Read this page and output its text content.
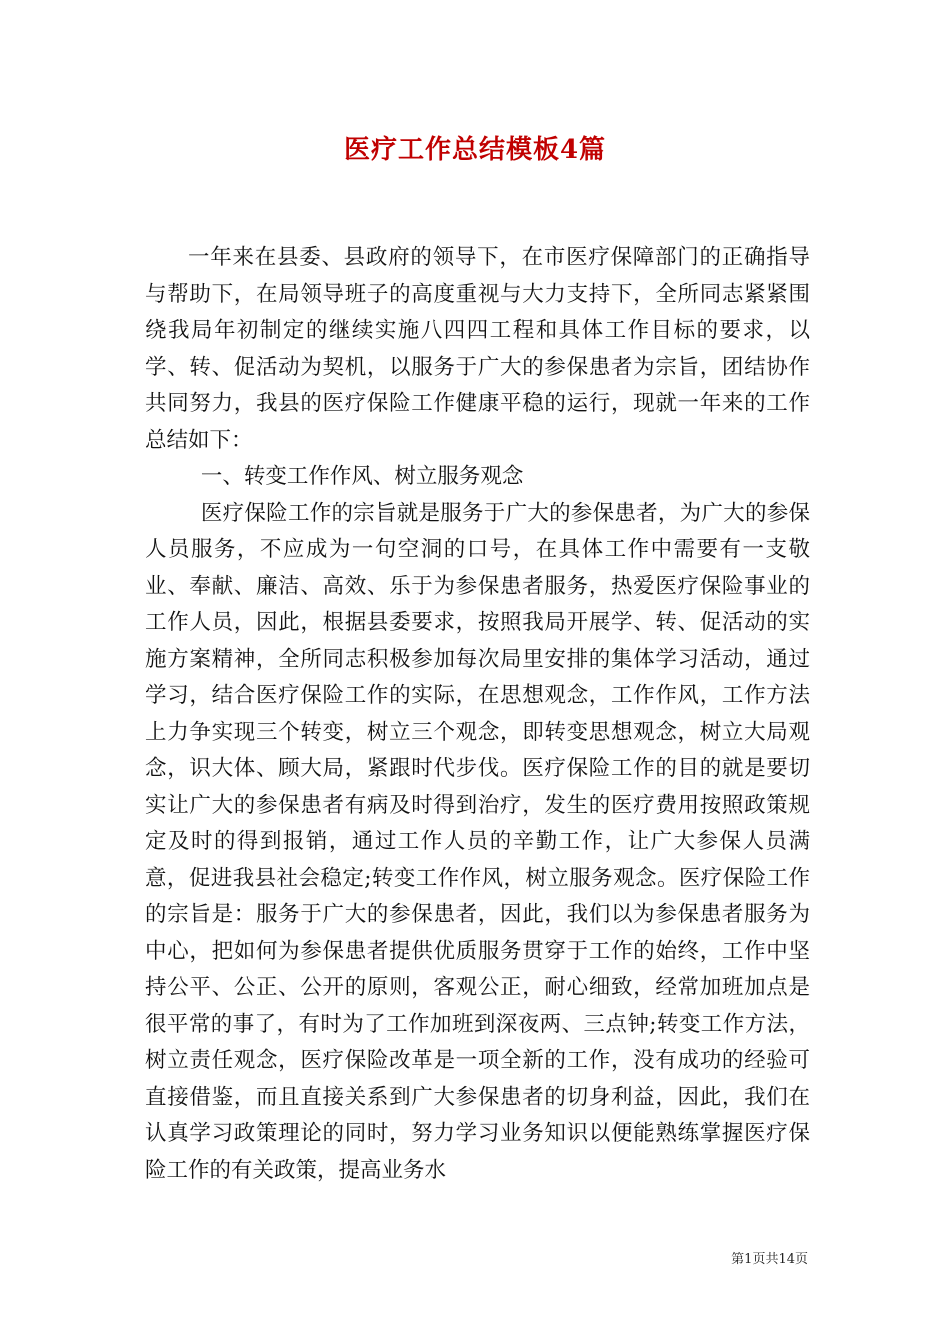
医疗工作总结模板4篇

一年来在县委、县政府的领导下，在市医疗保障部门的正确指导与帮助下，在局领导班子的高度重视与大力支持下，全所同志紧紧围绕我局年初制定的继续实施八四四工程和具体工作目标的要求，以学、转、促活动为契机，以服务于广大的参保患者为宗旨，团结协作共同努力，我县的医疗保险工作健康平稳的运行，现就一年来的工作总结如下：

一、转变工作作风、树立服务观念

医疗保险工作的宗旨就是服务于广大的参保患者，为广大的参保人员服务，不应成为一句空洞的口号，在具体工作中需要有一支敬业、奉献、廉洁、高效、乐于为参保患者服务，热爱医疗保险事业的工作人员，因此，根据县委要求，按照我局开展学、转、促活动的实施方案精神，全所同志积极参加每次局里安排的集体学习活动，通过学习，结合医疗保险工作的实际，在思想观念，工作作风，工作方法上力争实现三个转变，树立三个观念，即转变思想观念，树立大局观念，识大体、顾大局，紧跟时代步伐。医疗保险工作的目的就是要切实让广大的参保患者有病及时得到治疗，发生的医疗费用按照政策规定及时的得到报销，通过工作人员的辛勤工作，让广大参保人员满意，促进我县社会稳定;转变工作作风，树立服务观念。医疗保险工作的宗旨是：服务于广大的参保患者，因此，我们以为参保患者服务为中心，把如何为参保患者提供优质服务贯穿于工作的始终，工作中坚持公平、公正、公开的原则，客观公正，耐心细致，经常加班加点是很平常的事了，有时为了工作加班到深夜两、三点钟;转变工作方法，树立责任观念，医疗保险改革是一项全新的工作，没有成功的经验可直接借鉴，而且直接关系到广大参保患者的切身利益，因此，我们在认真学习政策理论的同时，努力学习业务知识以便能熟练掌握医疗保险工作的有关政策，提高业务水

第1页共14页
